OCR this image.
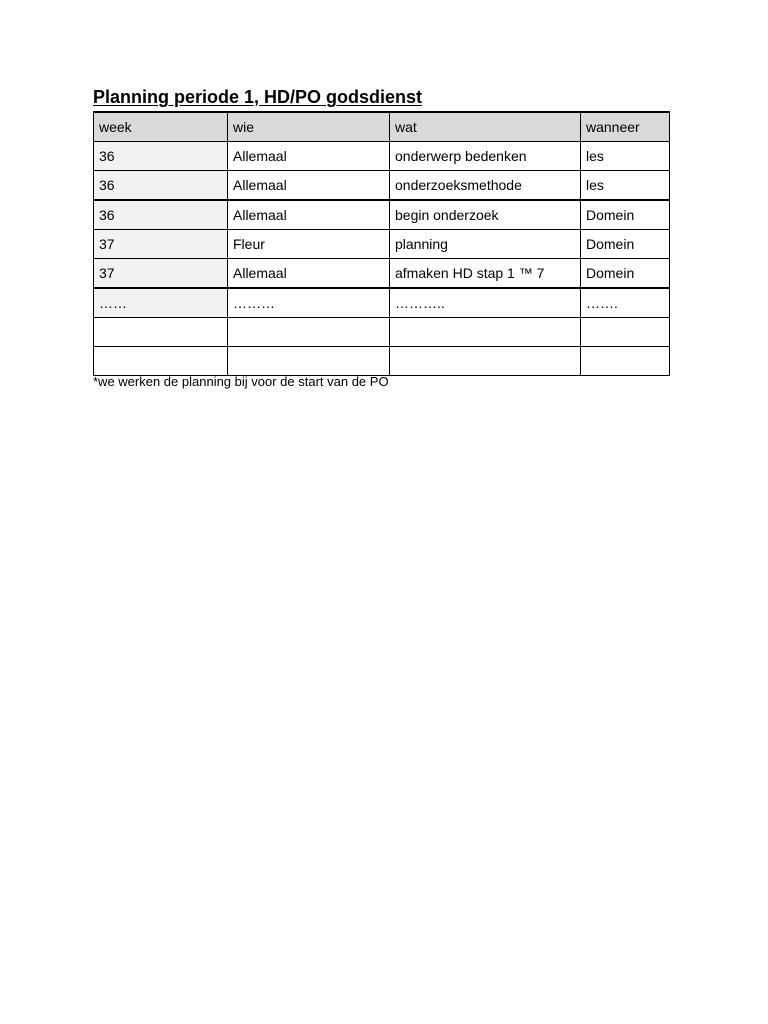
Planning periode 1, HD/PO godsdienst
week	wie	wat	wanneer
36	Allemaal	onderwerp bedenken	les
36	Allemaal	onderzoeksmethode	les
36	Allemaal	begin onderzoek	Domein
37	Fleur	planning	Domein
37	Allemaal	afmaken HD stap 1 ™ 7	Domein
……	………	………..	…….

*we werken de planning bij voor de start van de PO
